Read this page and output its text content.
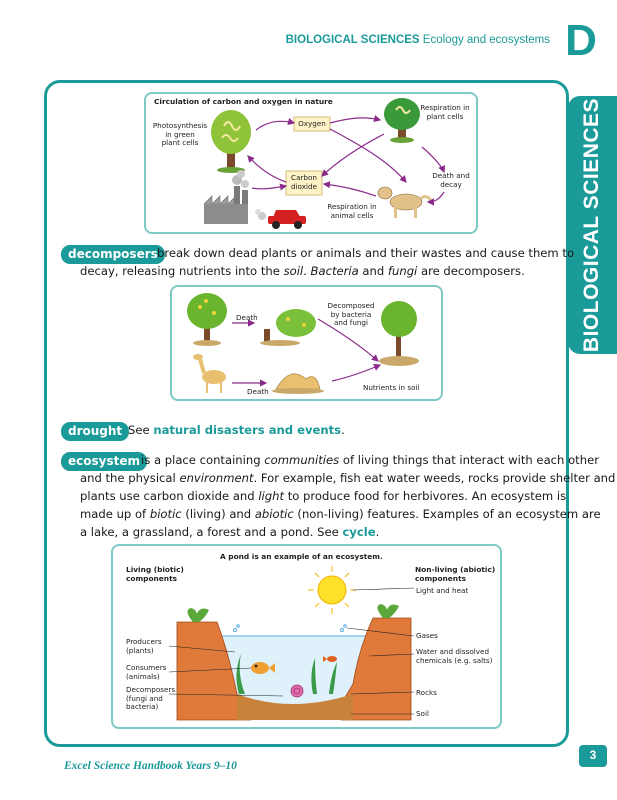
BIOLOGICAL SCIENCES Ecology and ecosystems D
BIOLOGICAL SCIENCES
Circulation of carbon and oxygen in nature
Photosynthesis
in green
plant cells
Oxygen
Respiration in
plant cells
Carbon
dioxide
Death and
decay
Respiration in
animal cells
decomposers break down dead plants or animals and their wastes and cause them to
decay, releasing nutrients into the soil. Bacteria and fungi are decomposers.
Death
Decomposed
by bacteria
and fungi
Death	Nutrients in soil
drought See natural disasters and events.
ecosystem is a place containing communities of living things that interact with each other
and the physical environment. For example, fish eat water weeds, rocks provide shelter and
plants use carbon dioxide and light to produce food for herbivores. An ecosystem is
made up of biotic (living) and abiotic (non-living) features. Examples of an ecosystem are
a lake, a grassland, a forest and a pond. See cycle.
A pond is an example of an ecosystem.
Living (biotic)
components
Non-living (abiotic)
components
Light and heat
Producers
(plants)
Consumers
(animals)
Decomposers
(fungi and
bacteria)
Gases
Water and dissolved
chemicals (e.g. salts)
Rocks
Soil
Excel Science Handbook Years 9–10
3
